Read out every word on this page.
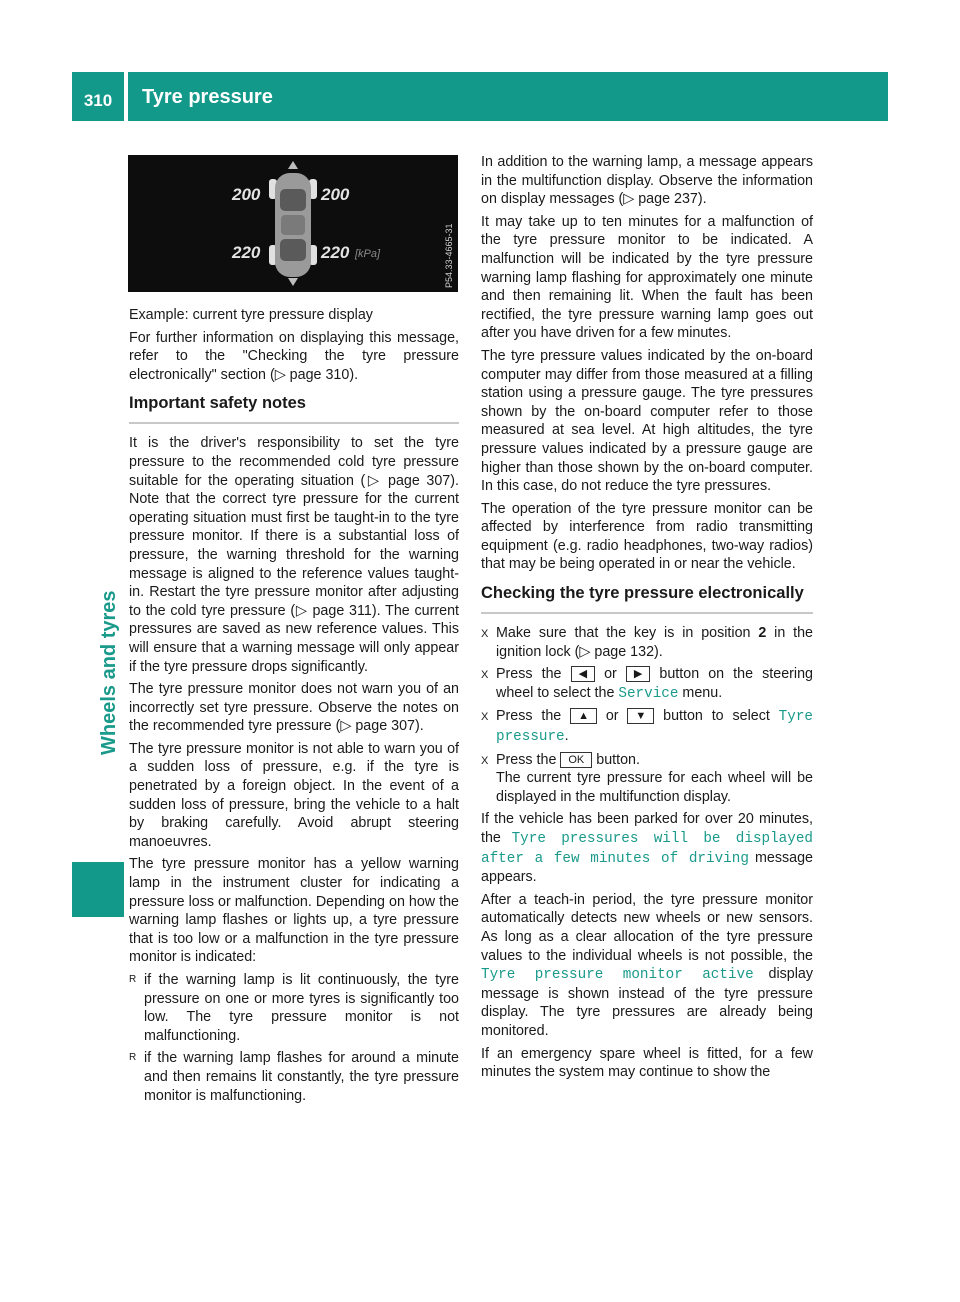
310	Tyre pressure
Wheels and tyres
200	200
220	220 [kPa]	P54.33-4665-31

Example: current tyre pressure display

For further information on displaying this message, refer to the "Checking the tyre pressure electronically" section (▷ page 310).

Important safety notes

It is the driver's responsibility to set the tyre pressure to the recommended cold tyre pressure suitable for the operating situation (▷ page 307). Note that the correct tyre pressure for the current operating situation must first be taught-in to the tyre pressure monitor. If there is a substantial loss of pressure, the warning threshold for the warning message is aligned to the reference values taught-in. Restart the tyre pressure monitor after adjusting to the cold tyre pressure (▷ page 311). The current pressures are saved as new reference values. This will ensure that a warning message will only appear if the tyre pressure drops significantly.

The tyre pressure monitor does not warn you of an incorrectly set tyre pressure. Observe the notes on the recommended tyre pressure (▷ page 307).

The tyre pressure monitor is not able to warn you of a sudden loss of pressure, e.g. if the tyre is penetrated by a foreign object. In the event of a sudden loss of pressure, bring the vehicle to a halt by braking carefully. Avoid abrupt steering manoeuvres.

The tyre pressure monitor has a yellow warning lamp in the instrument cluster for indicating a pressure loss or malfunction. Depending on how the warning lamp flashes or lights up, a tyre pressure that is too low or a malfunction in the tyre pressure monitor is indicated:

R if the warning lamp is lit continuously, the tyre pressure on one or more tyres is significantly too low. The tyre pressure monitor is not malfunctioning.
R if the warning lamp flashes for around a minute and then remains lit constantly, the tyre pressure monitor is malfunctioning.

In addition to the warning lamp, a message appears in the multifunction display. Observe the information on display messages (▷ page 237).

It may take up to ten minutes for a malfunction of the tyre pressure monitor to be indicated. A malfunction will be indicated by the tyre pressure warning lamp flashing for approximately one minute and then remaining lit. When the fault has been rectified, the tyre pressure warning lamp goes out after you have driven for a few minutes.

The tyre pressure values indicated by the on-board computer may differ from those measured at a filling station using a pressure gauge. The tyre pressures shown by the on-board computer refer to those measured at sea level. At high altitudes, the tyre pressure values indicated by a pressure gauge are higher than those shown by the on-board computer. In this case, do not reduce the tyre pressures.

The operation of the tyre pressure monitor can be affected by interference from radio transmitting equipment (e.g. radio headphones, two-way radios) that may be being operated in or near the vehicle.

Checking the tyre pressure electronically
X Make sure that the key is in position 2 in the ignition lock (▷ page 132).
X Press the ◀ or ▶ button on the steering wheel to select the Service menu.
X Press the ▲ or ▼ button to select Tyre pressure.
X Press the OK button.
The current tyre pressure for each wheel will be displayed in the multifunction display.

If the vehicle has been parked for over 20 minutes, the Tyre pressures will be displayed after a few minutes of driving message appears.

After a teach-in period, the tyre pressure monitor automatically detects new wheels or new sensors. As long as a clear allocation of the tyre pressure values to the individual wheels is not possible, the Tyre pressure monitor active display message is shown instead of the tyre pressure display. The tyre pressures are already being monitored.

If an emergency spare wheel is fitted, for a few minutes the system may continue to show the
